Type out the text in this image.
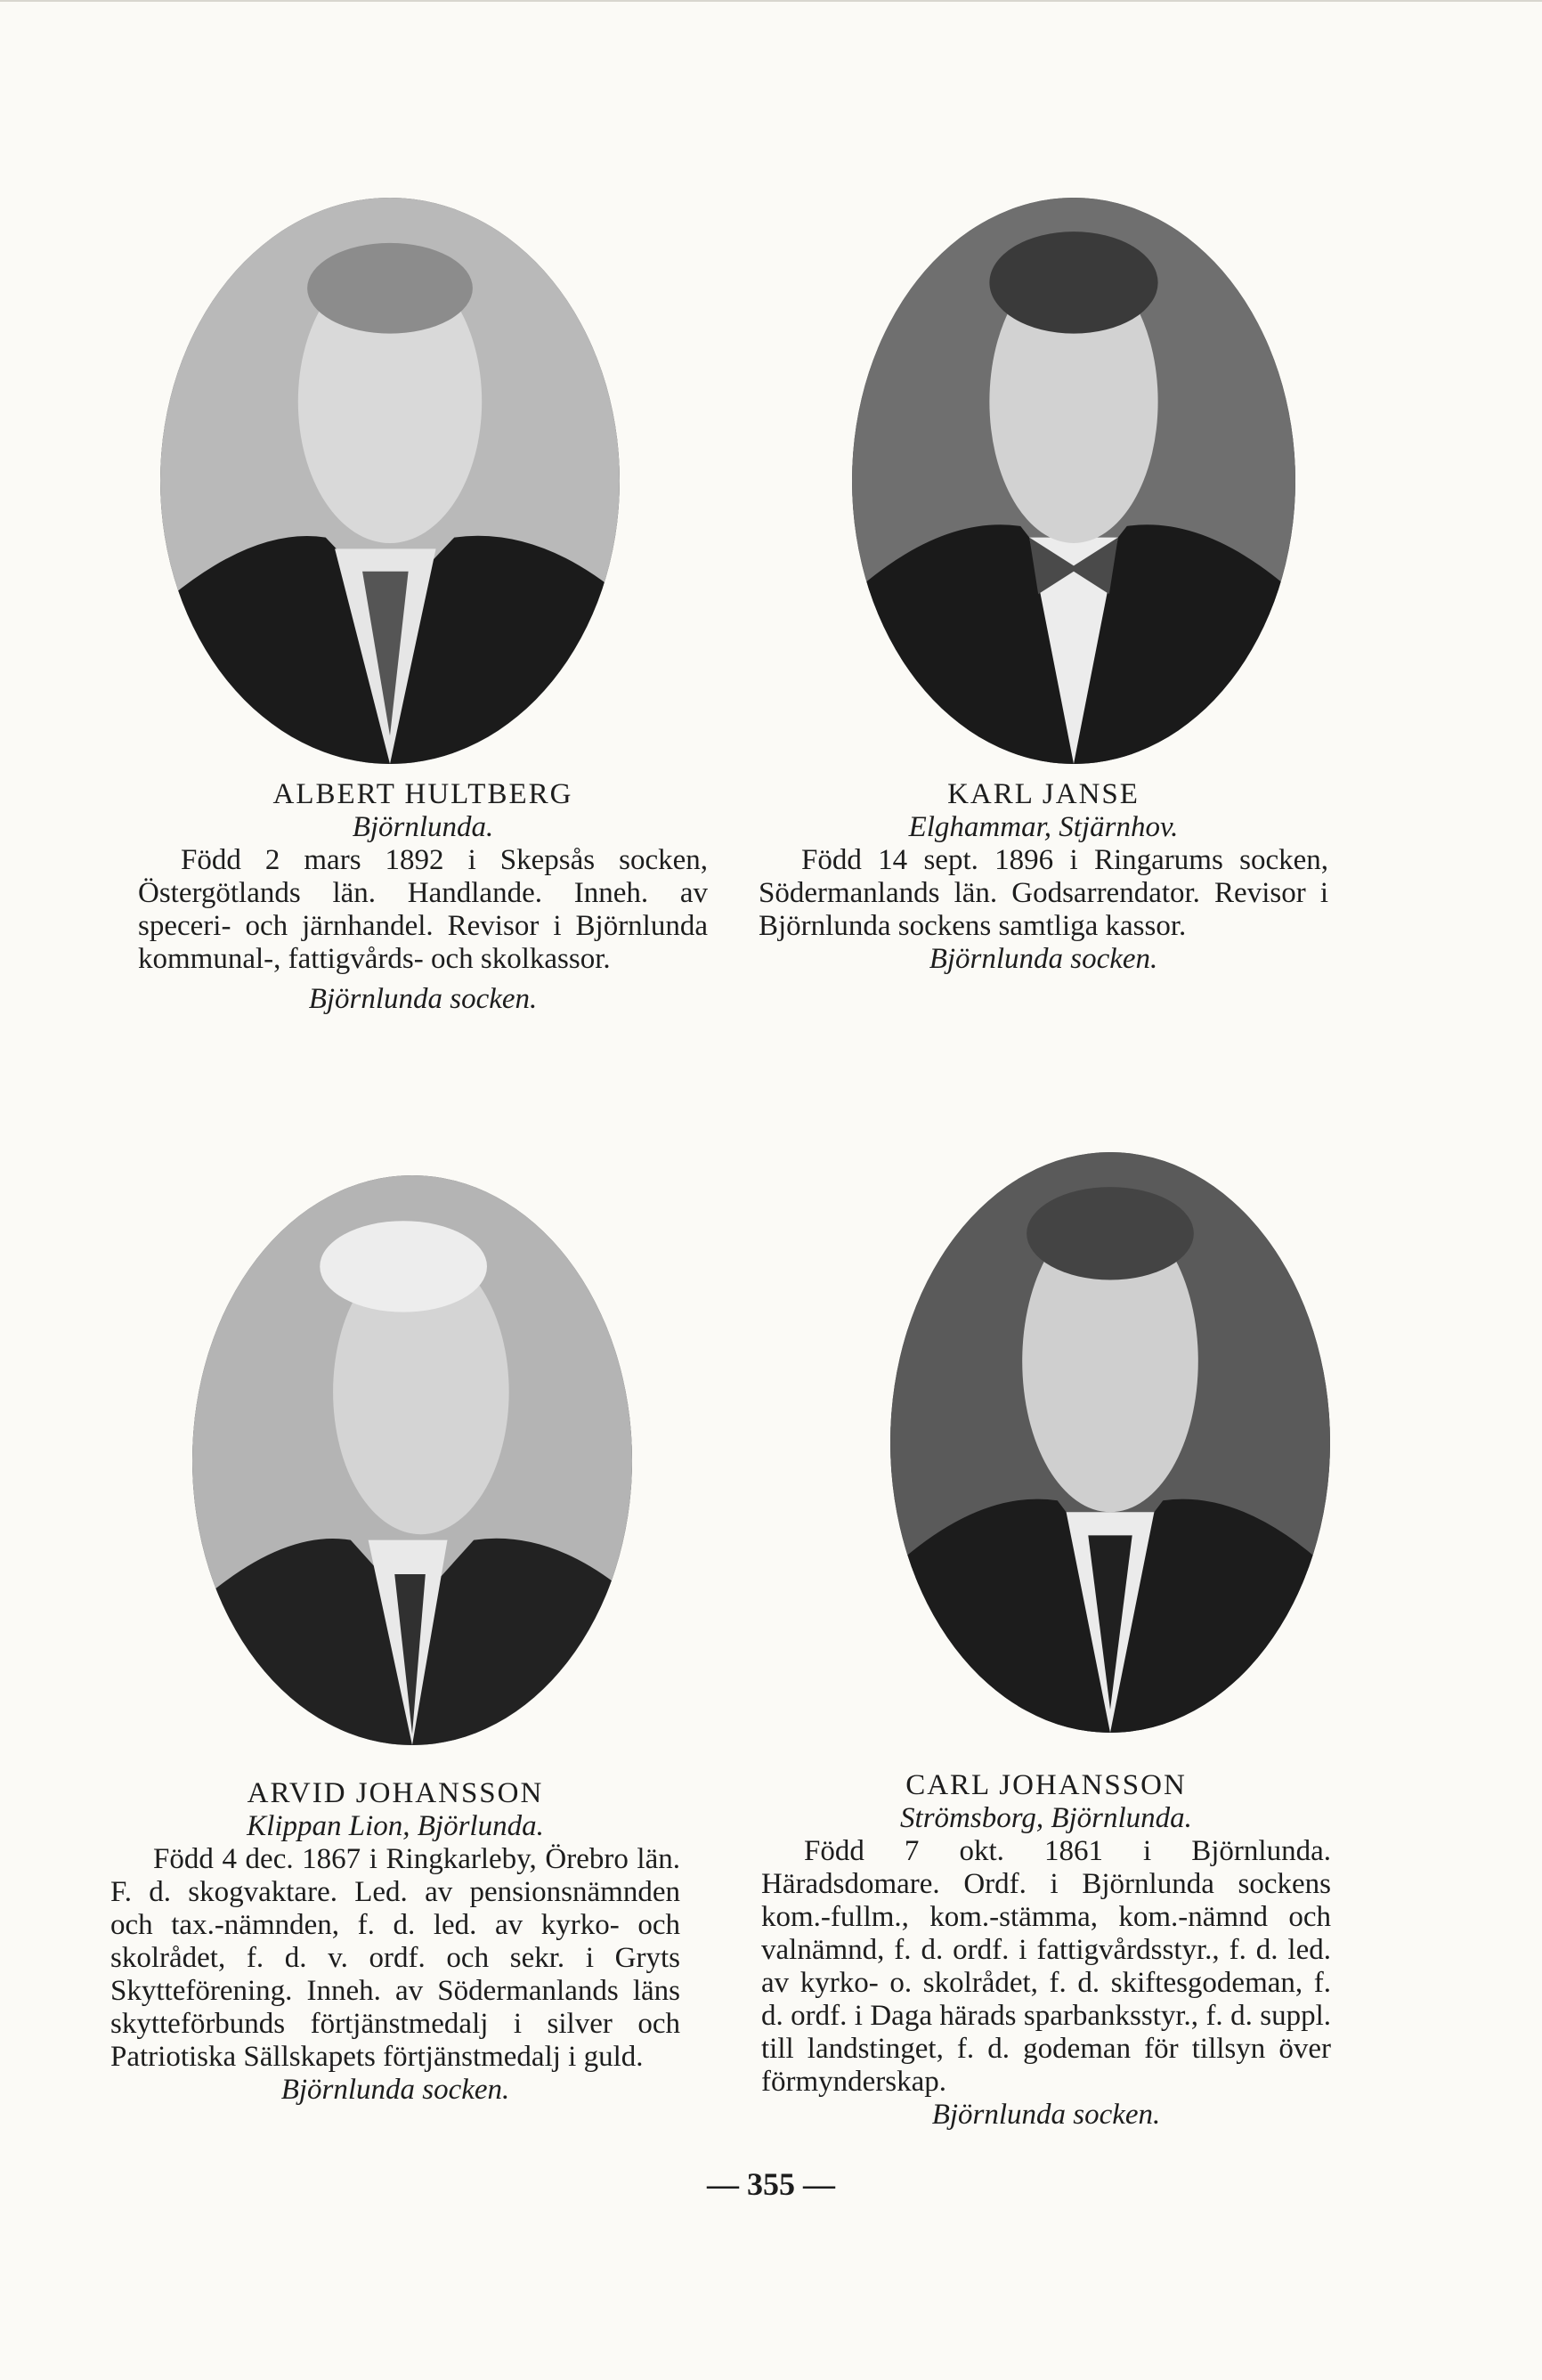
ALBERT HULTBERG
Björnlunda.
Född 2 mars 1892 i Skepsås socken, Östergötlands län. Handlande. Inneh. av speceri- och järnhandel. Revisor i Björnlunda kommunal-, fattigvårds- och skolkassor.
Björnlunda socken.
KARL JANSE
Elghammar, Stjärnhov.
Född 14 sept. 1896 i Ringarums socken, Södermanlands län. Godsarrendator. Revisor i Björnlunda sockens samtliga kassor.
Björnlunda socken.
ARVID JOHANSSON
Klippan Lion, Björlunda.
Född 4 dec. 1867 i Ringkarleby, Örebro län. F. d. skogvaktare. Led. av pensionsnämnden och tax.-nämnden, f. d. led. av kyrko- och skolrådet, f. d. v. ordf. och sekr. i Gryts Skytteförening. Inneh. av Södermanlands läns skytteförbunds förtjänstmedalj i silver och Patriotiska Sällskapets förtjänstmedalj i guld.
Björnlunda socken.
CARL JOHANSSON
Strömsborg, Björnlunda.
Född 7 okt. 1861 i Björnlunda. Häradsdomare. Ordf. i Björnlunda sockens kom.-fullm., kom.-stämma, kom.-nämnd och valnämnd, f. d. ordf. i fattigvårdsstyr., f. d. led. av kyrko- o. skolrådet, f. d. skiftesgodeman, f. d. ordf. i Daga härads sparbanksstyr., f. d. suppl. till landstinget, f. d. godeman för tillsyn över förmynderskap.
Björnlunda socken.
— 355 —
